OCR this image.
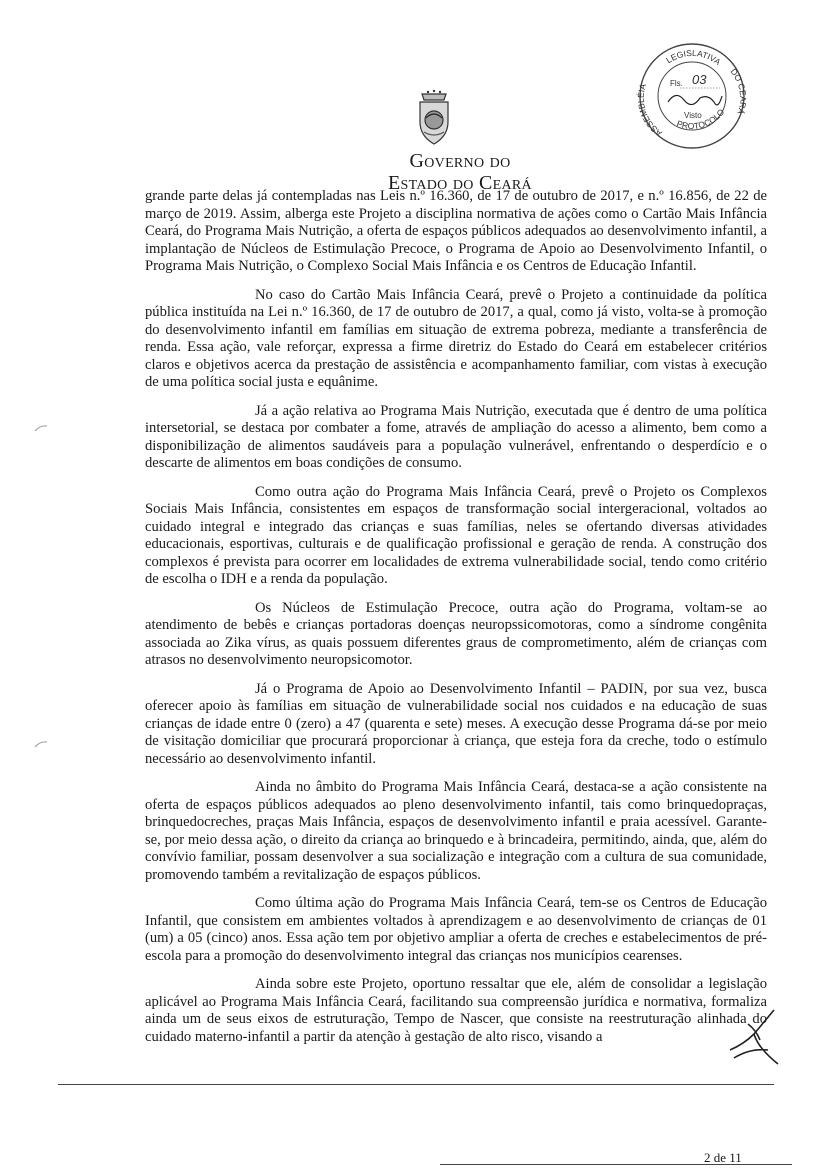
Governo do
Estado do Ceará
LEGISLATIVA
ASSEMBLÉIA
DO CEARÁ
PROTOCOLO
Fls. 03
Visto

grande parte delas já contempladas nas Leis n.º 16.360, de 17 de outubro de 2017, e n.º 16.856, de 22 de março de 2019. Assim, alberga este Projeto a disciplina normativa de ações como o Cartão Mais Infância Ceará, do Programa Mais Nutrição, a oferta de espaços públicos adequados ao desenvolvimento infantil, a implantação de Núcleos de Estimulação Precoce, o Programa de Apoio ao Desenvolvimento Infantil, o Programa Mais Nutrição, o Complexo Social Mais Infância e os Centros de Educação Infantil.

No caso do Cartão Mais Infância Ceará, prevê o Projeto a continuidade da política pública instituída na Lei n.º 16.360, de 17 de outubro de 2017, a qual, como já visto, volta-se à promoção do desenvolvimento infantil em famílias em situação de extrema pobreza, mediante a transferência de renda. Essa ação, vale reforçar, expressa a firme diretriz do Estado do Ceará em estabelecer critérios claros e objetivos acerca da prestação de assistência e acompanhamento familiar, com vistas à execução de uma política social justa e equânime.

Já a ação relativa ao Programa Mais Nutrição, executada que é dentro de uma política intersetorial, se destaca por combater a fome, através de ampliação do acesso a alimento, bem como a disponibilização de alimentos saudáveis para a população vulnerável, enfrentando o desperdício e o descarte de alimentos em boas condições de consumo.

Como outra ação do Programa Mais Infância Ceará, prevê o Projeto os Complexos Sociais Mais Infância, consistentes em espaços de transformação social intergeracional, voltados ao cuidado integral e integrado das crianças e suas famílias, neles se ofertando diversas atividades educacionais, esportivas, culturais e de qualificação profissional e geração de renda. A construção dos complexos é prevista para ocorrer em localidades de extrema vulnerabilidade social, tendo como critério de escolha o IDH e a renda da população.

Os Núcleos de Estimulação Precoce, outra ação do Programa, voltam-se ao atendimento de bebês e crianças portadoras doenças neuropssicomotoras, como a síndrome congênita associada ao Zika vírus, as quais possuem diferentes graus de comprometimento, além de crianças com atrasos no desenvolvimento neuropsicomotor.

Já o Programa de Apoio ao Desenvolvimento Infantil – PADIN, por sua vez, busca oferecer apoio às famílias em situação de vulnerabilidade social nos cuidados e na educação de suas crianças de idade entre 0 (zero) a 47 (quarenta e sete) meses. A execução desse Programa dá-se por meio de visitação domiciliar que procurará proporcionar à criança, que esteja fora da creche, todo o estímulo necessário ao desenvolvimento infantil.

Ainda no âmbito do Programa Mais Infância Ceará, destaca-se a ação consistente na oferta de espaços públicos adequados ao pleno desenvolvimento infantil, tais como brinquedopraças, brinquedocreches, praças Mais Infância, espaços de desenvolvimento infantil e praia acessível. Garante-se, por meio dessa ação, o direito da criança ao brinquedo e à brincadeira, permitindo, ainda, que, além do convívio familiar, possam desenvolver a sua socialização e integração com a cultura de sua comunidade, promovendo também a revitalização de espaços públicos.

Como última ação do Programa Mais Infância Ceará, tem-se os Centros de Educação Infantil, que consistem em ambientes voltados à aprendizagem e ao desenvolvimento de crianças de 01 (um) a 05 (cinco) anos. Essa ação tem por objetivo ampliar a oferta de creches e estabelecimentos de pré-escola para a promoção do desenvolvimento integral das crianças nos municípios cearenses.

Ainda sobre este Projeto, oportuno ressaltar que ele, além de consolidar a legislação aplicável ao Programa Mais Infância Ceará, facilitando sua compreensão jurídica e normativa, formaliza ainda um de seus eixos de estruturação, Tempo de Nascer, que consiste na reestruturação alinhada do cuidado materno-infantil a partir da atenção à gestação de alto risco, visando a

2 de 11
